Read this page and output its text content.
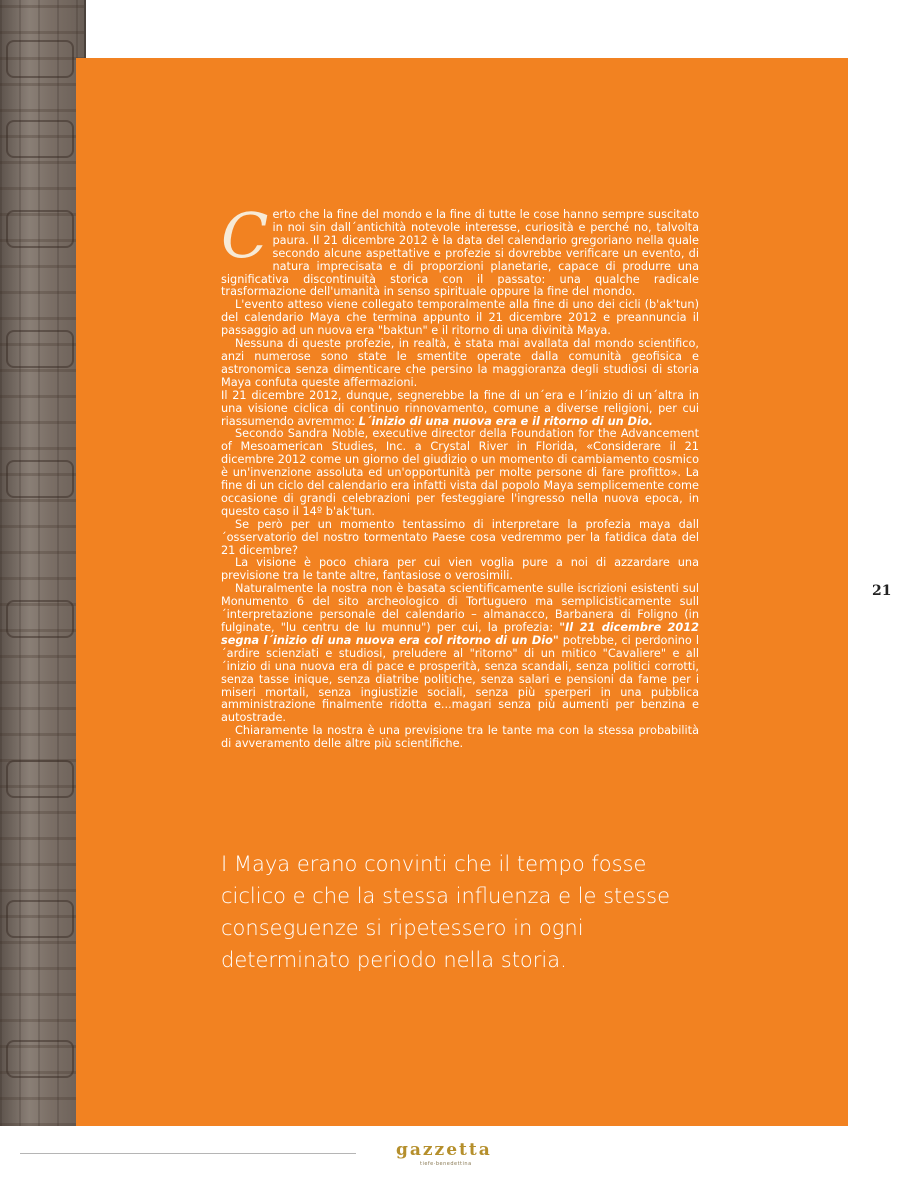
Certo che la fine del mondo e la fine di tutte le cose hanno sempre suscitato in noi sin dall´antichità notevole interesse, curiosità e perché no, talvolta paura. Il 21 dicembre 2012 è la data del calendario gregoriano nella quale secondo alcune aspettative e profezie si dovrebbe verificare un evento, di natura imprecisata e di proporzioni planetarie, capace di produrre una significativa discontinuità storica con il passato: una qualche radicale trasformazione dell'umanità in senso spirituale oppure la fine del mondo.

L'evento atteso viene collegato temporalmente alla fine di uno dei cicli (b'ak'tun) del calendario Maya che termina appunto il 21 dicembre 2012 e preannuncia il passaggio ad un nuova era "baktun" e il ritorno di una divinità Maya.

Nessuna di queste profezie, in realtà, è stata mai avallata dal mondo scientifico, anzi numerose sono state le smentite operate dalla comunità geofisica e astronomica senza dimenticare che persino la maggioranza degli studiosi di storia Maya confuta queste affermazioni.

Il 21 dicembre 2012, dunque, segnerebbe la fine di un´era e l´inizio di un´altra in una visione ciclica di continuo rinnovamento, comune a diverse religioni, per cui riassumendo avremmo: L´inizio di una nuova era e il ritorno di un Dio.

Secondo Sandra Noble, executive director della Foundation for the Advancement of Mesoamerican Studies, Inc. a Crystal River in Florida, «Considerare il 21 dicembre 2012 come un giorno del giudizio o un momento di cambiamento cosmico è un'invenzione assoluta ed un'opportunità per molte persone di fare profitto». La fine di un ciclo del calendario era infatti vista dal popolo Maya semplicemente come occasione di grandi celebrazioni per festeggiare l'ingresso nella nuova epoca, in questo caso il 14º b'ak'tun.

Se però per un momento tentassimo di interpretare la profezia maya dall´osservatorio del nostro tormentato Paese cosa vedremmo per la fatidica data del 21 dicembre?

La visione è poco chiara per cui vien voglia pure a noi di azzardare una previsione tra le tante altre, fantasiose o verosimili.

Naturalmente la nostra non è basata scientificamente sulle iscrizioni esistenti sul Monumento 6 del sito archeologico di Tortuguero ma semplicisticamente sull´interpretazione personale del calendario – almanacco, Barbanera di Foligno (in fulginate, "lu centru de lu munnu") per cui, la profezia: "Il 21 dicembre 2012 segna l´inizio di una nuova era col ritorno di un Dio" potrebbe, ci perdonino l´ardire scienziati e studiosi, preludere al "ritorno" di un mitico "Cavaliere" e all´inizio di una nuova era di pace e prosperità, senza scandali, senza politici corrotti, senza tasse inique, senza diatribe politiche, senza salari e pensioni da fame per i miseri mortali, senza ingiustizie sociali, senza più sperperi in una pubblica amministrazione finalmente ridotta e...magari senza più aumenti per benzina e autostrade.

Chiaramente la nostra è una previsione tra le tante ma con la stessa probabilità di avveramento delle altre più scientifiche.

I Maya erano convinti che il tempo fosse ciclico e che la stessa influenza e le stesse conseguenze si ripetessero in ogni determinato periodo nella storia.
21
gazzetta
tiefe·benedettina
